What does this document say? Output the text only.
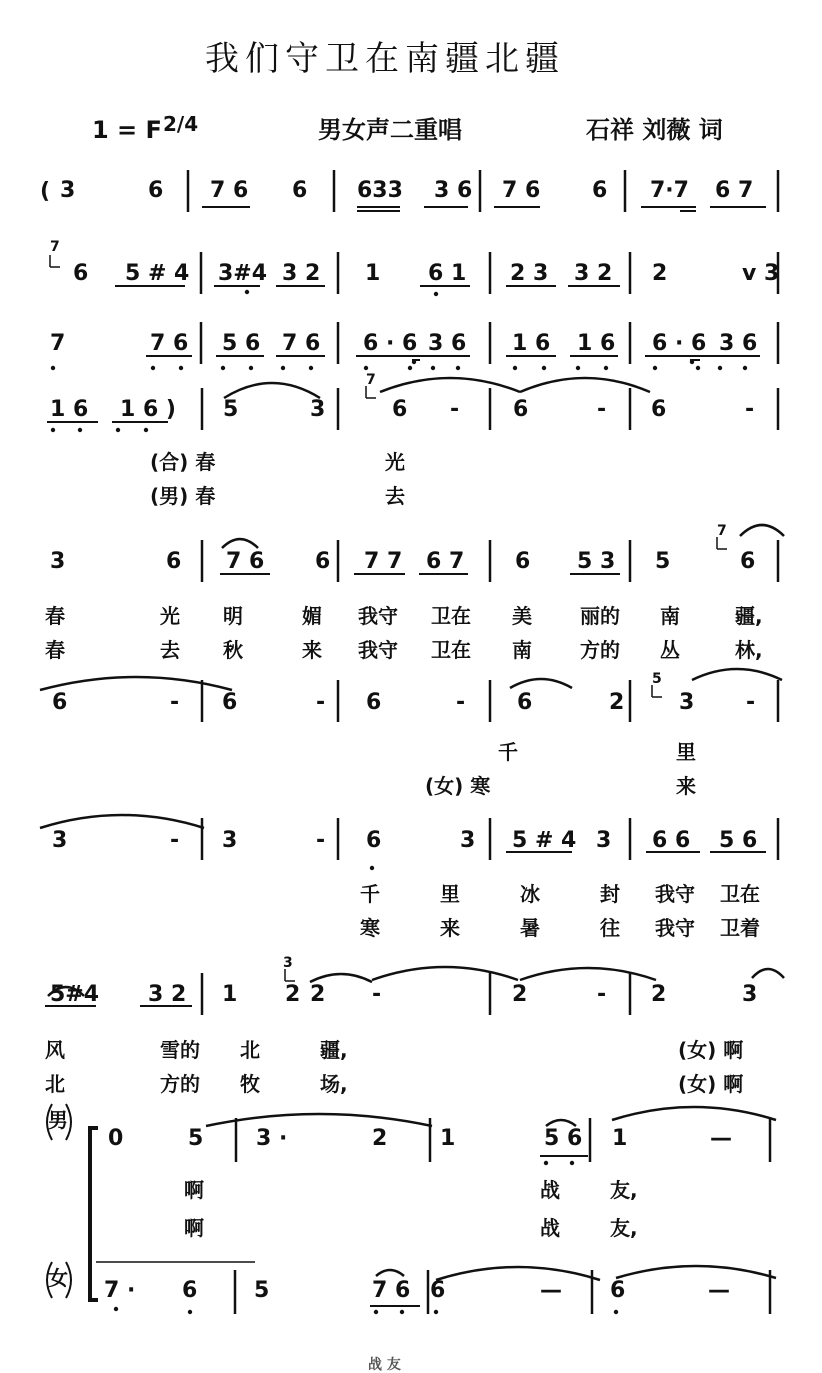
我们守卫在南疆北疆
1 = F 2/4	男女声二重唱	石祥 刘薇 词
3	6 7 6 6 633 3 6 7 6 6 7·7 6 7
6 5 # 4 3#4 3 2 1 6 1 2 3 3 2 2	v 3
7	7 6 5 6 7 6 6 · 6 3 6 1 6 1 6 6 · 6 3 6
1 6 1 6 ) 5	3	6 - 6	- 6	-
3	6 7 6 6 7 7 6 7 6 5 3 5	6
6	- 6	- 6	- 6	2 3 -
3	- 3	- 6	3 5 # 4 3 6 6 5 6
5#4 3 2 1 2 2 -	2	- 2	3
7
7
7
5
3
(
(合) 春	光
(男) 春	去
春	光 明	媚 我守 卫在 美 丽的 南	疆,
春	去 秋	来 我守 卫在 南 方的 丛	林,
千	里	冰	封 我守 卫在
寒	来	暑	往 我守 卫着
风	雪的 北	疆,	(女) 啊
北	方的 牧	场,	(女) 啊
千	里
(女) 寒	来
男
女
0	5 3 ·	2 1	5 6 1	—
7 · 6	5	7 6 6	— 6	—
啊
啊
战	友,
战	友,
战 友
